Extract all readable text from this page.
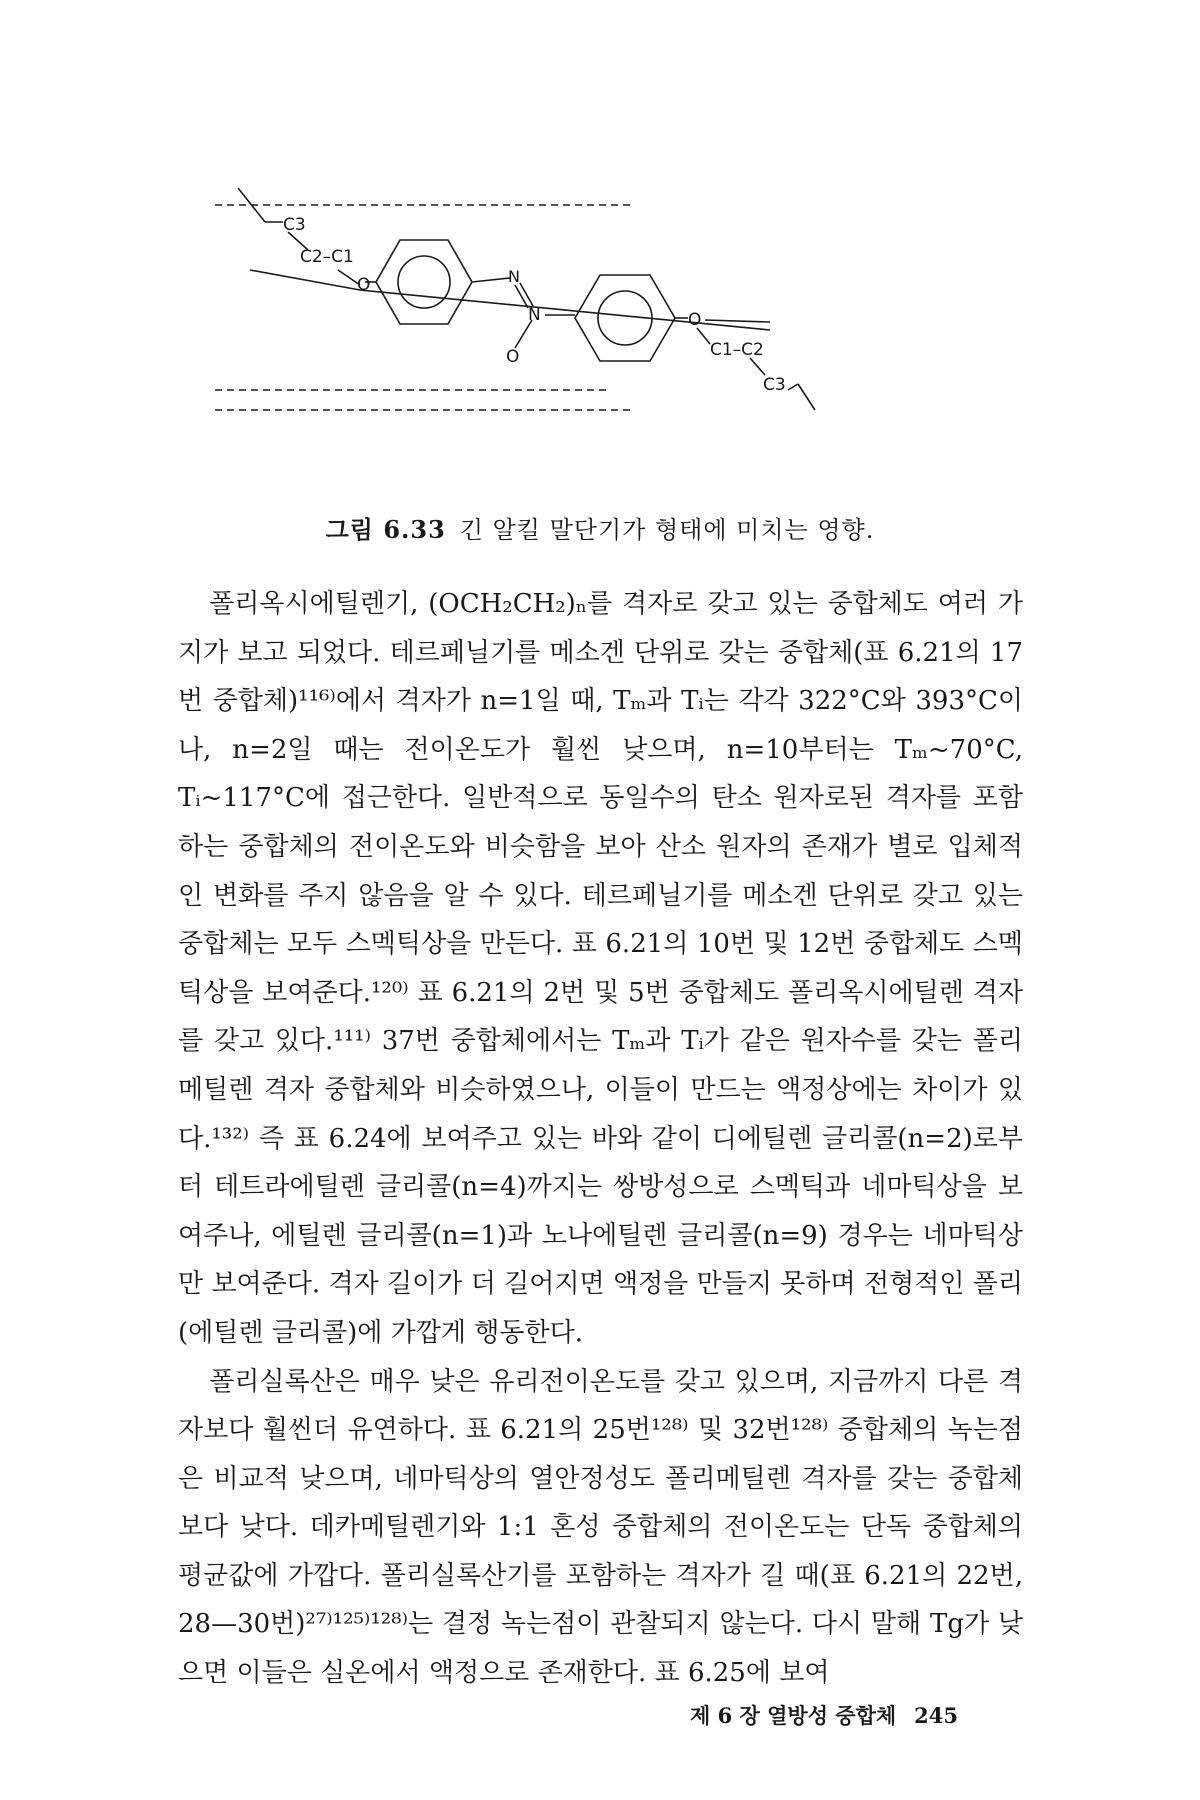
C3
C2–C1
O	N
N
O
O
C1–C2
C3
그림 6.33 긴 알킬 말단기가 형태에 미치는 영향.

폴리옥시에틸렌기, (OCH₂CH₂)ₙ를 격자로 갖고 있는 중합체도 여러 가지가 보고 되었다. 테르페닐기를 메소겐 단위로 갖는 중합체(표 6.21의 17번 중합체)¹¹⁶⁾에서 격자가 n=1일 때, Tₘ과 Tᵢ는 각각 322°C와 393°C이나, n=2일 때는 전이온도가 훨씬 낮으며, n=10부터는 Tₘ~70°C, Tᵢ~117°C에 접근한다. 일반적으로 동일수의 탄소 원자로된 격자를 포함하는 중합체의 전이온도와 비슷함을 보아 산소 원자의 존재가 별로 입체적인 변화를 주지 않음을 알 수 있다. 테르페닐기를 메소겐 단위로 갖고 있는 중합체는 모두 스멕틱상을 만든다. 표 6.21의 10번 및 12번 중합체도 스멕틱상을 보여준다.¹²⁰⁾ 표 6.21의 2번 및 5번 중합체도 폴리옥시에틸렌 격자를 갖고 있다.¹¹¹⁾ 37번 중합체에서는 Tₘ과 Tᵢ가 같은 원자수를 갖는 폴리메틸렌 격자 중합체와 비슷하였으나, 이들이 만드는 액정상에는 차이가 있다.¹³²⁾ 즉 표 6.24에 보여주고 있는 바와 같이 디에틸렌 글리콜(n=2)로부터 테트라에틸렌 글리콜(n=4)까지는 쌍방성으로 스멕틱과 네마틱상을 보여주나, 에틸렌 글리콜(n=1)과 노나에틸렌 글리콜(n=9) 경우는 네마틱상만 보여준다. 격자 길이가 더 길어지면 액정을 만들지 못하며 전형적인 폴리(에틸렌 글리콜)에 가깝게 행동한다.

폴리실록산은 매우 낮은 유리전이온도를 갖고 있으며, 지금까지 다른 격자보다 훨씬더 유연하다. 표 6.21의 25번¹²⁸⁾ 및 32번¹²⁸⁾ 중합체의 녹는점은 비교적 낮으며, 네마틱상의 열안정성도 폴리메틸렌 격자를 갖는 중합체보다 낮다. 데카메틸렌기와 1:1 혼성 중합체의 전이온도는 단독 중합체의 평균값에 가깝다. 폴리실록산기를 포함하는 격자가 길 때(표 6.21의 22번, 28—30번)²⁷⁾¹²⁵⁾¹²⁸⁾는 결정 녹는점이 관찰되지 않는다. 다시 말해 Tg가 낮으면 이들은 실온에서 액정으로 존재한다. 표 6.25에 보여

제 6 장 열방성 중합체 245
